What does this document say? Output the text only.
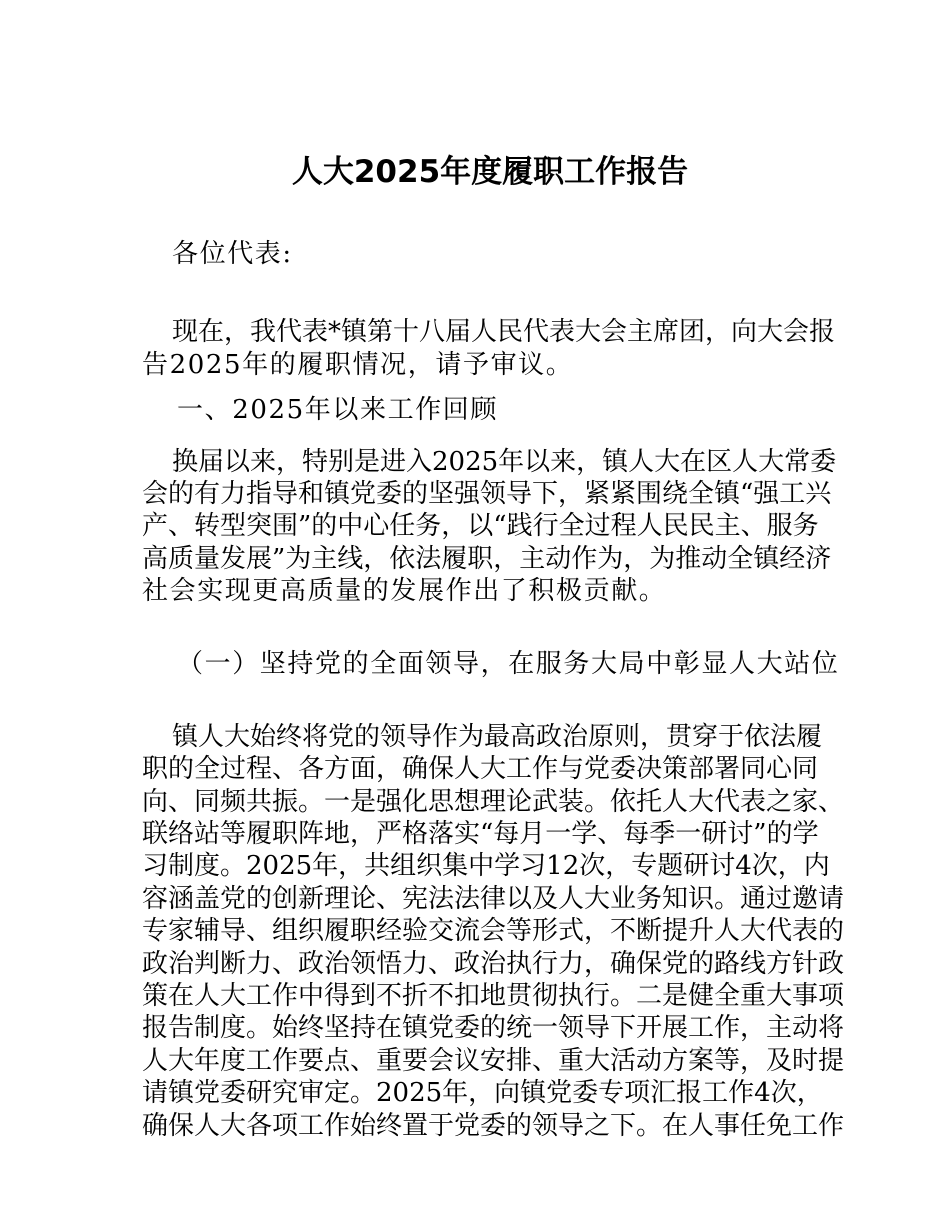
人大2025年度履职工作报告
各位代表:
现在，我代表*镇第十八届人民代表大会主席团，向大会报
告2025年的履职情况，请予审议。
一、2025年以来工作回顾
换届以来，特别是进入2025年以来，镇人大在区人大常委
会的有力指导和镇党委的坚强领导下，紧紧围绕全镇“强工兴
产、转型突围”的中心任务，以“践行全过程人民民主、服务
高质量发展”为主线，依法履职，主动作为，为推动全镇经济
社会实现更高质量的发展作出了积极贡献。
（一）坚持党的全面领导，在服务大局中彰显人大站位
镇人大始终将党的领导作为最高政治原则，贯穿于依法履
职的全过程、各方面，确保人大工作与党委决策部署同心同
向、同频共振。一是强化思想理论武装。依托人大代表之家、
联络站等履职阵地，严格落实“每月一学、每季一研讨”的学
习制度。2025年，共组织集中学习12次，专题研讨4次，内
容涵盖党的创新理论、宪法法律以及人大业务知识。通过邀请
专家辅导、组织履职经验交流会等形式，不断提升人大代表的
政治判断力、政治领悟力、政治执行力，确保党的路线方针政
策在人大工作中得到不折不扣地贯彻执行。二是健全重大事项
报告制度。始终坚持在镇党委的统一领导下开展工作，主动将
人大年度工作要点、重要会议安排、重大活动方案等，及时提
请镇党委研究审定。2025年，向镇党委专项汇报工作4次，
确保人大各项工作始终置于党委的领导之下。在人事任免工作
